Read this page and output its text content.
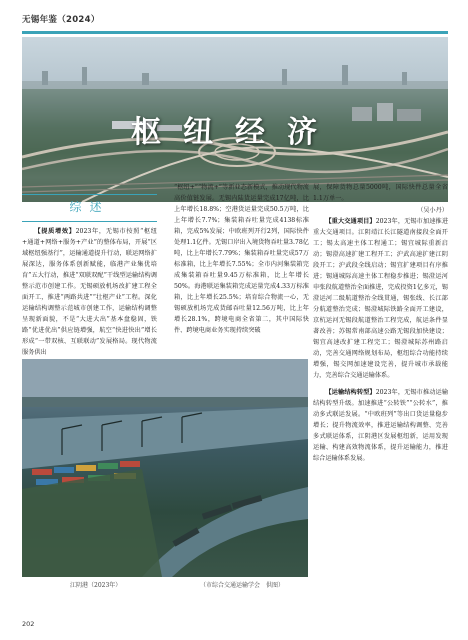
无锡年鉴（2024）
枢纽经济
综述

【提质增效】2023年，无锡市按照“枢纽+通道+网络+服务+产业”的整体布局，开展“区域枢纽强基行”，运输通道提升行动，联运网络扩展深达，服务体系创新赋能，临港产业集优培育”五大行动，推进“双联双配”干线型运输结构调整示范市创建工作。无锡硕放机场改扩建工程全面开工，推进“两路共进”“壮枢产业”工程。深化运输结构调整示范城市创建工作，运输结构调整呈现新面貌，不是“大进大出”基本盘稳固，铁路“优进优出”供应链增强，航空“快进快出”增长形成“一带双核、互联联动”发展格局。现代物流服务供出

“枢纽+”“物流+”等新业态新模式，推动现代物流高价值链发展。无锡内陆货运量完成17亿吨，比上年增长18.8%；空港货运量完成50.5万吨，比上年增长7.7%；集装箱吞吐量完成4138标准箱，完成5%发展；中欧班列开行2列，国际快件处理1.1亿件。无锡口岸出入境货物吞吐量3.78亿吨，比上年增长7.79%；集装箱吞吐量完成57万标准箱，比上年增长7.55%；全市内河集装箱完成集装箱吞吐量9.45万标准箱，比上年增长50%。海港联运集装箱完成运量完成4.33万标准箱，比上年增长25.5%；培育综合物流一心，无锡硕放机场完成货邮吞吐量12.56万吨，比上年增长28.1%，跨境电商全省第二，其中国际快件、跨境电商业务实现持续突破

展，保障货物总量5000吨，国际快件总量全省1.1万单一。

（吴小丹）

【重大交通项目】2023年，无锡市加速推进重大交通项目。江阴靖江长江隧道南接段全面开工；锡太高速主体工程通工；锡宜城际重新启动；锡澄高速扩建工程开工；沪武高速扩建江阴段开工；沪武段全线启动；锡宜扩建项目有序推进；锡通城际高速主体工程稳步推进；锡澄运河申张段航道整治全面推进，完成投资1亿多元，锡澄运河二级航道整治全线贯通，锡张线、长江部分航道整治完成；锡澄城际铁路全面开工建设，京杭运河无锡段航道整治工程完成，航运条件显著改善；苏锡常南部高速公路无锡段加快建设；锡宜高速改扩建工程完工；锡澄城际苏州路启动，完善交通网络规划布局，枢纽综合功能持续增强，锡交网加速建设完善，提升城市承载能力，完善综合交通运输体系。

【运输结构转型】2023年，无锡市推动运输结构转型升级。加速推进“公转铁”“公转水”，推动多式联运发展。“中欧班列”等出口货运量稳步增长；提升物流效率，推进运输结构调整、完善多式联运体系，江阴港区发展枢纽新，运用发现运输、构建高效物流体系，提升运输能力，推进综合运输体系发展。

江阴港（2023年）	（市综合交通运输学会　供图）
202
